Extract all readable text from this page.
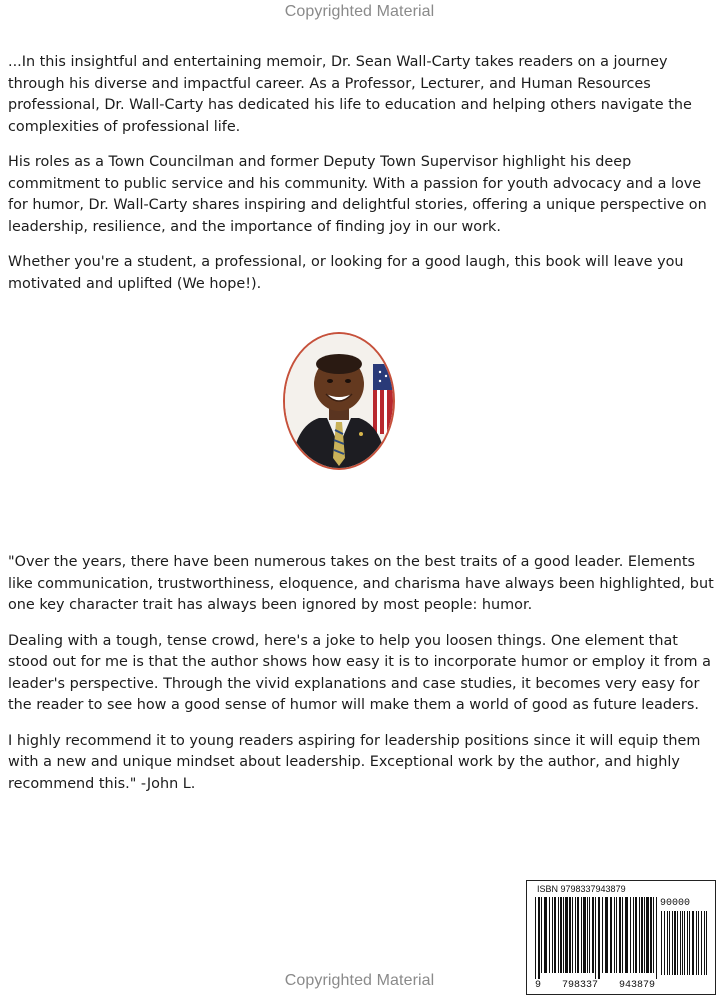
Copyrighted Material

...In this insightful and entertaining memoir, Dr. Sean Wall-Carty takes readers on a journey through his diverse and impactful career. As a Professor, Lecturer, and Human Resources professional, Dr. Wall-Carty has dedicated his life to education and helping others navigate the complexities of professional life.

His roles as a Town Councilman and former Deputy Town Supervisor highlight his deep commitment to public service and his community. With a passion for youth advocacy and a love for humor, Dr. Wall-Carty shares inspiring and delightful stories, offering a unique perspective on leadership, resilience, and the importance of finding joy in our work.

Whether you're a student, a professional, or looking for a good laugh, this book will leave you motivated and uplifted (We hope!).

"Over the years, there have been numerous takes on the best traits of a good leader. Elements like communication, trustworthiness, eloquence, and charisma have always been highlighted, but one key character trait has always been ignored by most people: humor.

Dealing with a tough, tense crowd, here's a joke to help you loosen things. One element that stood out for me is that the author shows how easy it is to incorporate humor or employ it from a leader's perspective. Through the vivid explanations and case studies, it becomes very easy for the reader to see how a good sense of humor will make them a world of good as future leaders.

I highly recommend it to young readers aspiring for leadership positions since it will equip them with a new and unique mindset about leadership. Exceptional work by the author, and highly recommend this." -John L.

ISBN 9798337943879
90000
9 798337 943879
Copyrighted Material
